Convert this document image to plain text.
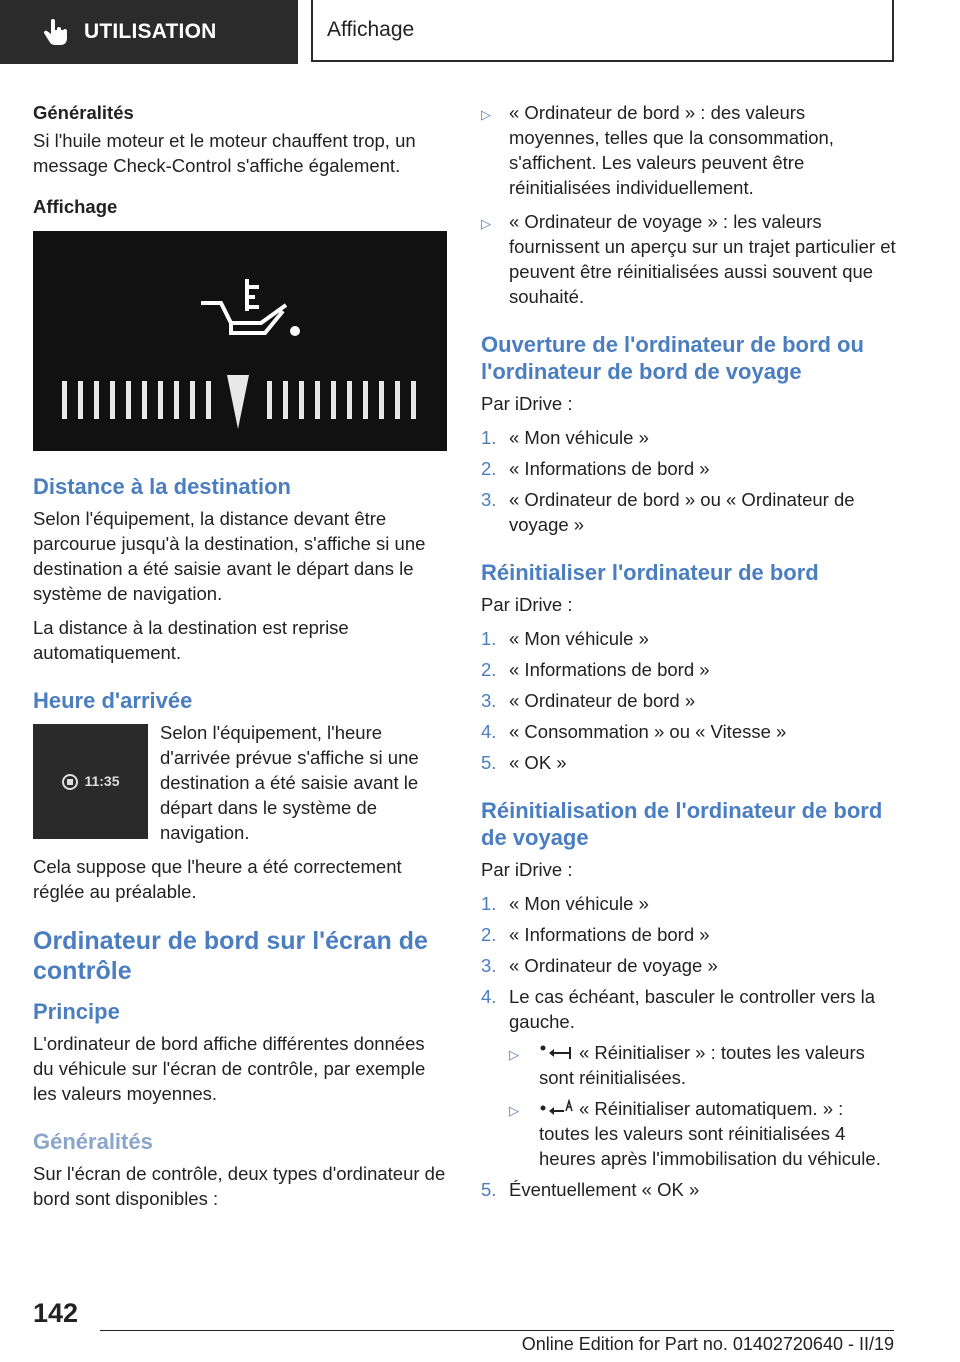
UTILISATION	Affichage
Généralités

Si l'huile moteur et le moteur chauffent trop, un message Check-Control s'affiche également.

Affichage
Distance à la destination

Selon l'équipement, la distance devant être parcourue jusqu'à la destination, s'affiche si une destination a été saisie avant le départ dans le système de navigation.

La distance à la destination est reprise automatiquement.

Heure d'arrivée
11:35

Selon l'équipement, l'heure d'arrivée prévue s'affiche si une destination a été saisie avant le départ dans le système de navigation.

Cela suppose que l'heure a été correctement réglée au préalable.

Ordinateur de bord sur l'écran de contrôle
Principe

L'ordinateur de bord affiche différentes données du véhicule sur l'écran de contrôle, par exemple les valeurs moyennes.

Généralités

Sur l'écran de contrôle, deux types d'ordinateur de bord sont disponibles :

▷ « Ordinateur de bord » : des valeurs moyennes, telles que la consommation, s'affichent. Les valeurs peuvent être réinitialisées individuellement.
▷ « Ordinateur de voyage » : les valeurs fournissent un aperçu sur un trajet particulier et peuvent être réinitialisées aussi souvent que souhaité.
Ouverture de l'ordinateur de bord ou l'ordinateur de bord de voyage

Par iDrive :

1. « Mon véhicule »
2. « Informations de bord »
3. « Ordinateur de bord » ou « Ordinateur de voyage »
Réinitialiser l'ordinateur de bord

Par iDrive :

1. « Mon véhicule »
2. « Informations de bord »
3. « Ordinateur de bord »
4. « Consommation » ou « Vitesse »
5. « OK »
Réinitialisation de l'ordinateur de bord de voyage

Par iDrive :

1. « Mon véhicule »
2. « Informations de bord »
3. « Ordinateur de voyage »
4. Le cas échéant, basculer le controller vers la gauche.
▷	« Réinitialiser » : toutes les valeurs sont réinitialisées.
▷	« Réinitialiser automatiquem. » : toutes les valeurs sont réinitialisées 4 heures après l'immobilisation du véhicule.
5. Éventuellement « OK »
142
Online Edition for Part no. 01402720640 - II/19
